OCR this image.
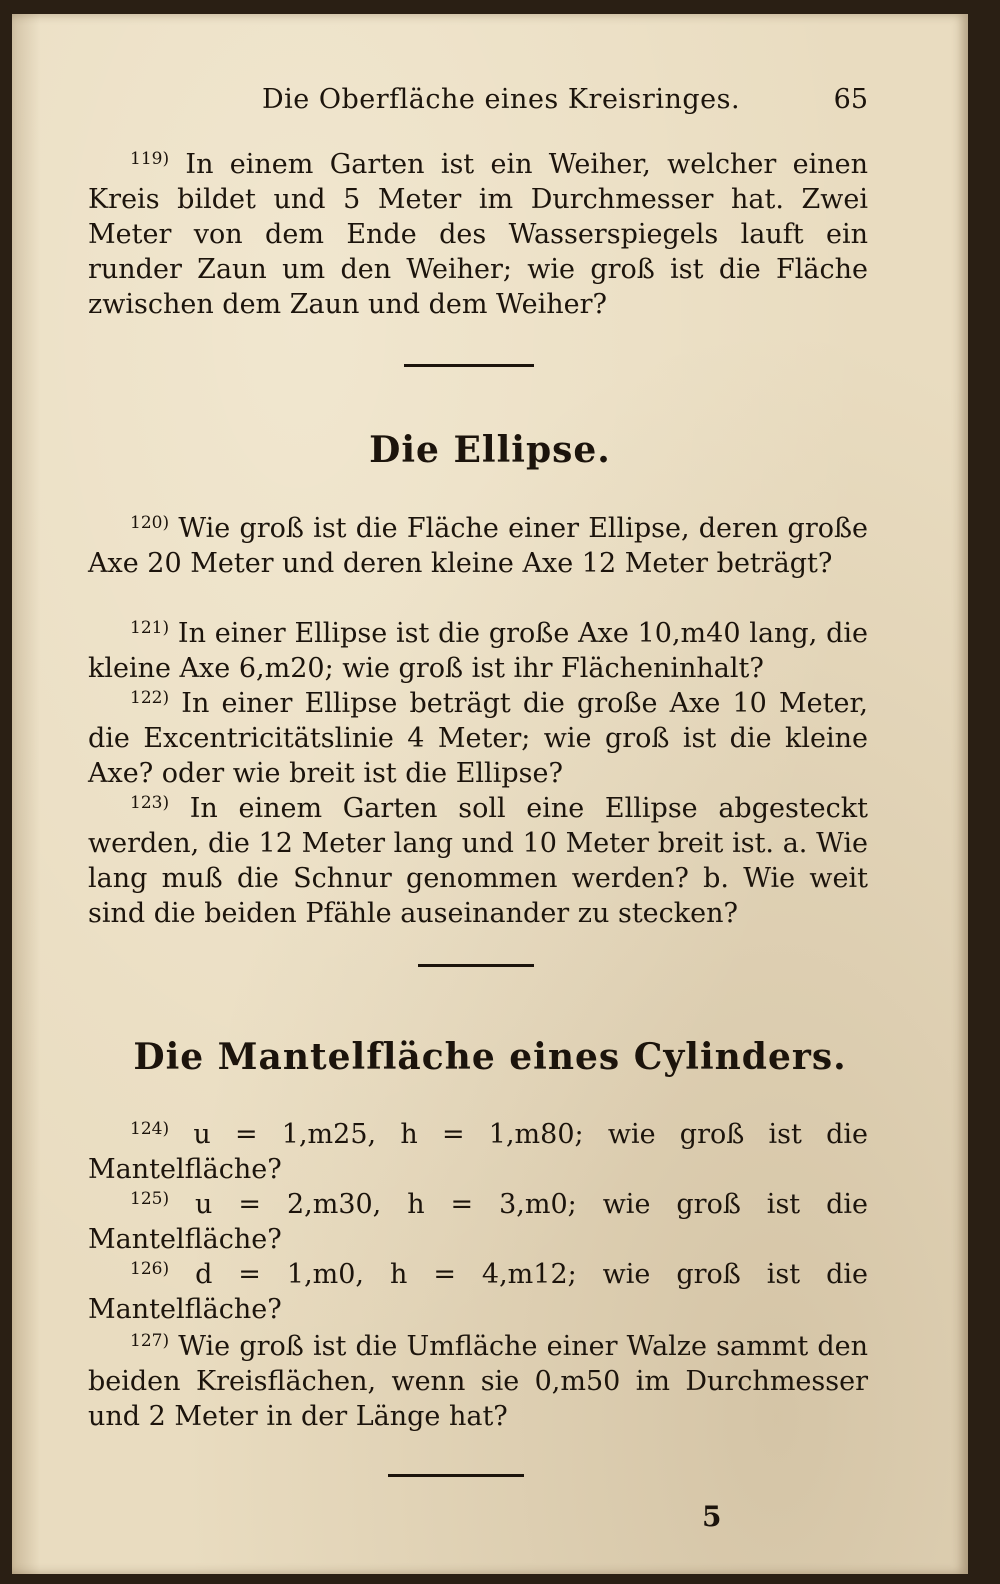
Die Oberfläche eines Kreisringes.	65
$^{119)}$ In einem Garten ist ein Weiher, welcher einen Kreis bildet und 5 Meter im Durchmesser hat. Zwei Meter von dem Ende des Wasserspiegels lauft ein runder Zaun um den Weiher; wie groß ist die Fläche zwischen dem Zaun und dem Weiher?
Die Ellipse.
$^{120)}$ Wie groß ist die Fläche einer Ellipse, deren große Axe 20 Meter und deren kleine Axe 12 Meter beträgt?
$^{121)}$ In einer Ellipse ist die große Axe 10,m40 lang, die kleine Axe 6,m20; wie groß ist ihr Flächeninhalt?
$^{122)}$ In einer Ellipse beträgt die große Axe 10 Meter, die Excentricitätslinie 4 Meter; wie groß ist die kleine Axe? oder wie breit ist die Ellipse?
$^{123)}$ In einem Garten soll eine Ellipse abgesteckt werden, die 12 Meter lang und 10 Meter breit ist. a. Wie lang muß die Schnur genommen werden? b. Wie weit sind die beiden Pfähle auseinander zu stecken?
Die Mantelfläche eines Cylinders.
$^{124)}$ u = 1,m25, h = 1,m80; wie groß ist die Mantelfläche?
$^{125)}$ u = 2,m30, h = 3,m0; wie groß ist die Mantelfläche?
$^{126)}$ d = 1,m0, h = 4,m12; wie groß ist die Mantelfläche?
$^{127)}$ Wie groß ist die Umfläche einer Walze sammt den beiden Kreisflächen, wenn sie 0,m50 im Durchmesser und 2 Meter in der Länge hat?
5
